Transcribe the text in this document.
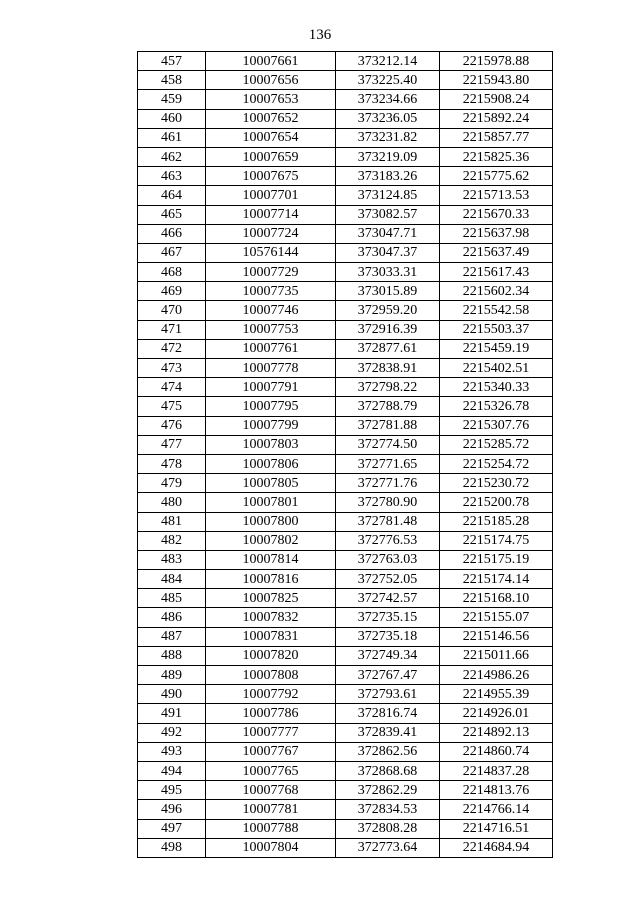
136
457	10007661	373212.14	2215978.88
458	10007656	373225.40	2215943.80
459	10007653	373234.66	2215908.24
460	10007652	373236.05	2215892.24
461	10007654	373231.82	2215857.77
462	10007659	373219.09	2215825.36
463	10007675	373183.26	2215775.62
464	10007701	373124.85	2215713.53
465	10007714	373082.57	2215670.33
466	10007724	373047.71	2215637.98
467	10576144	373047.37	2215637.49
468	10007729	373033.31	2215617.43
469	10007735	373015.89	2215602.34
470	10007746	372959.20	2215542.58
471	10007753	372916.39	2215503.37
472	10007761	372877.61	2215459.19
473	10007778	372838.91	2215402.51
474	10007791	372798.22	2215340.33
475	10007795	372788.79	2215326.78
476	10007799	372781.88	2215307.76
477	10007803	372774.50	2215285.72
478	10007806	372771.65	2215254.72
479	10007805	372771.76	2215230.72
480	10007801	372780.90	2215200.78
481	10007800	372781.48	2215185.28
482	10007802	372776.53	2215174.75
483	10007814	372763.03	2215175.19
484	10007816	372752.05	2215174.14
485	10007825	372742.57	2215168.10
486	10007832	372735.15	2215155.07
487	10007831	372735.18	2215146.56
488	10007820	372749.34	2215011.66
489	10007808	372767.47	2214986.26
490	10007792	372793.61	2214955.39
491	10007786	372816.74	2214926.01
492	10007777	372839.41	2214892.13
493	10007767	372862.56	2214860.74
494	10007765	372868.68	2214837.28
495	10007768	372862.29	2214813.76
496	10007781	372834.53	2214766.14
497	10007788	372808.28	2214716.51
498	10007804	372773.64	2214684.94
